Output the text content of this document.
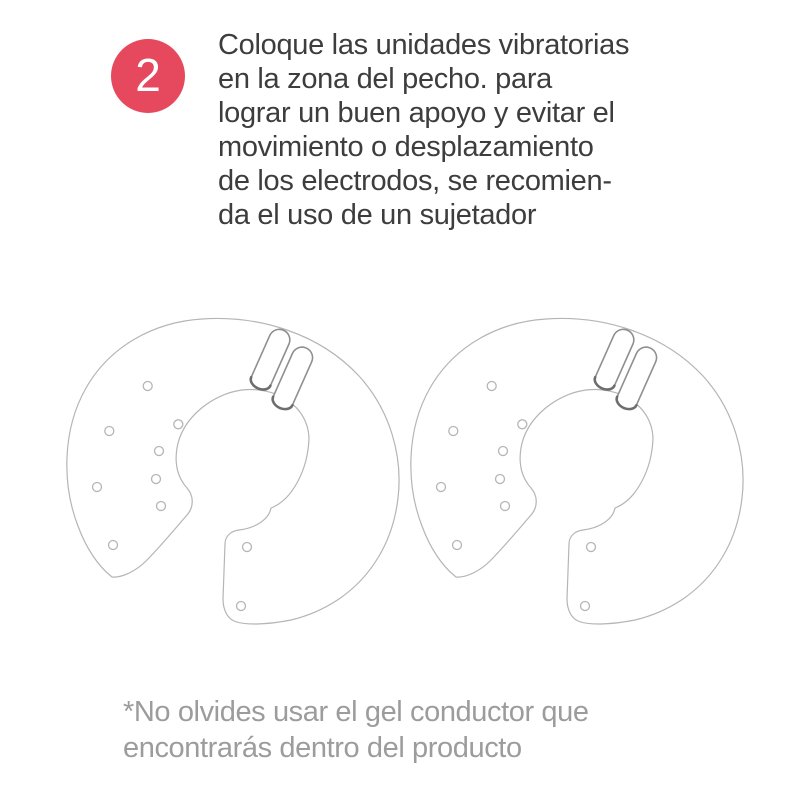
2
Coloque las unidades vibratorias
en la zona del pecho. para
lograr un buen apoyo y evitar el
movimiento o desplazamiento
de los electrodos, se recomien-
da el uso de un sujetador
*No olvides usar el gel conductor que
encontrarás dentro del producto
